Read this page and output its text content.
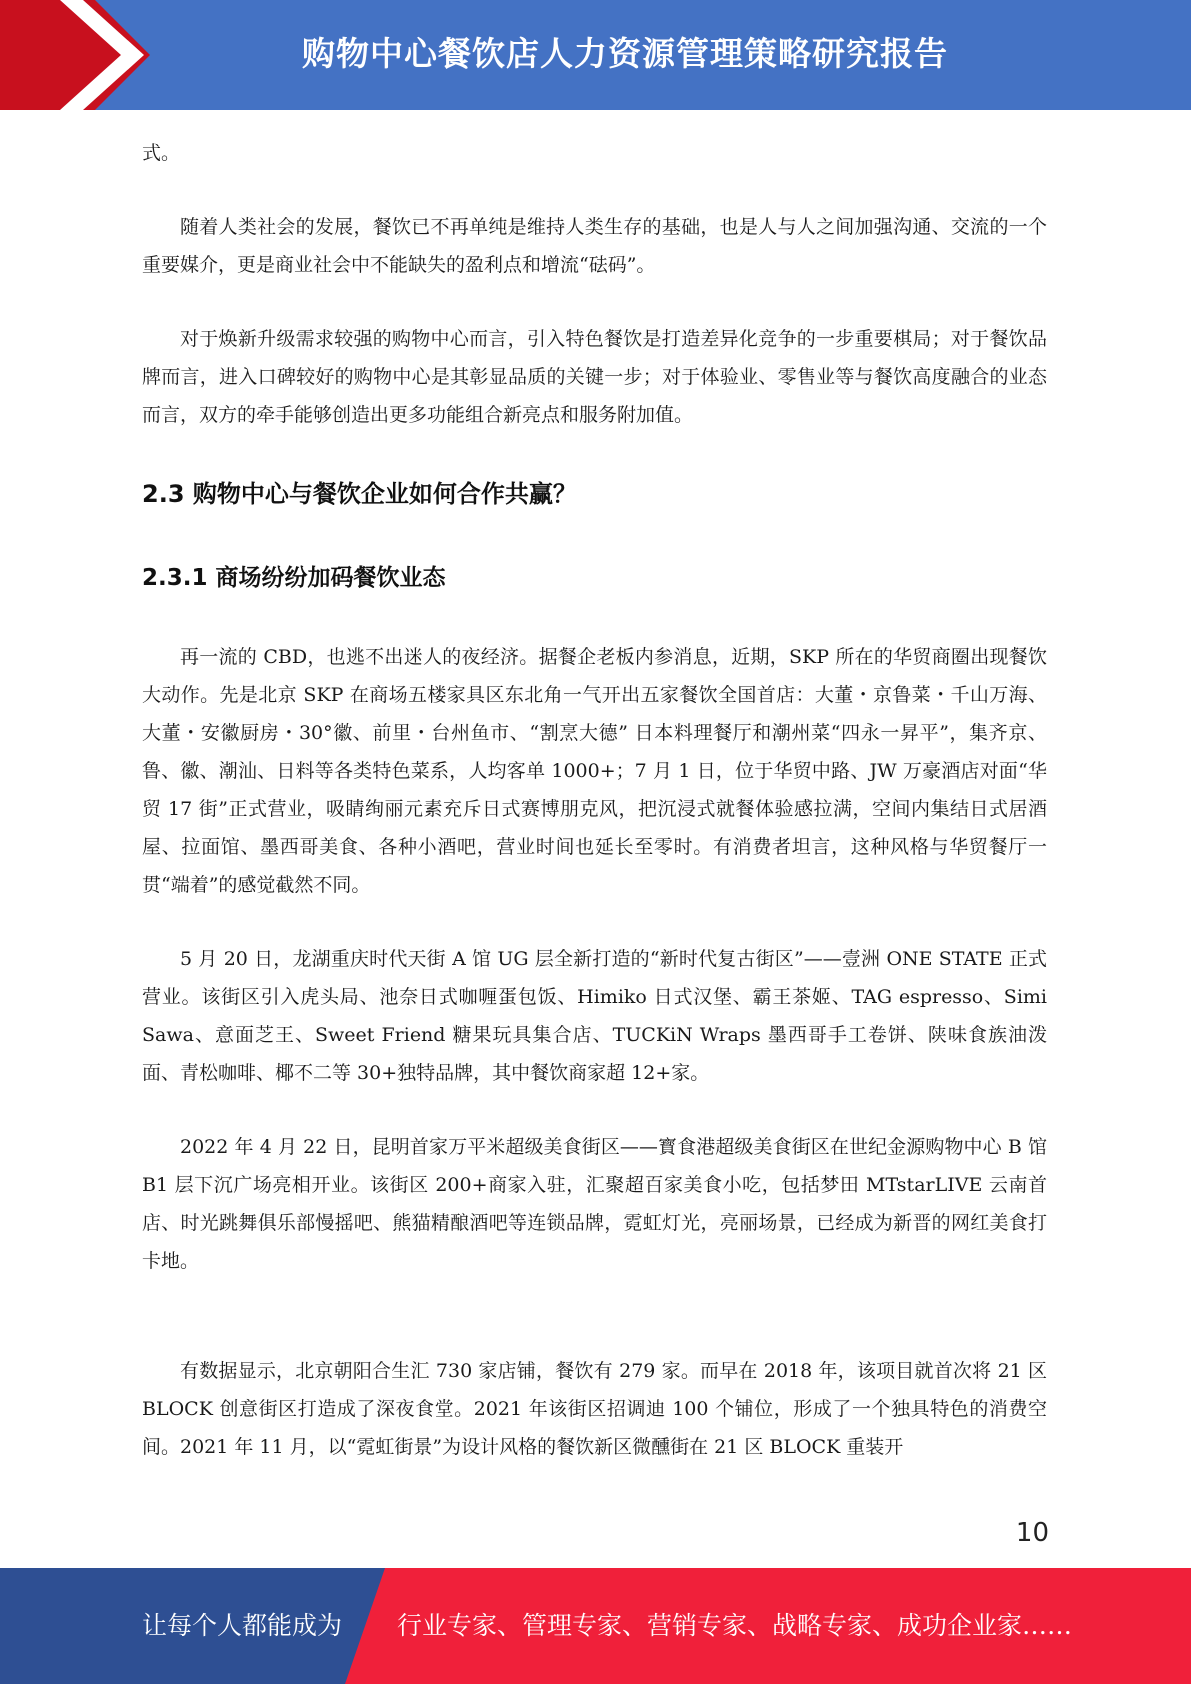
购物中心餐饮店人力资源管理策略研究报告

式。

随着人类社会的发展，餐饮已不再单纯是维持人类生存的基础，也是人与人之间加强沟通、交流的一个重要媒介，更是商业社会中不能缺失的盈利点和增流“砝码”。

对于焕新升级需求较强的购物中心而言，引入特色餐饮是打造差异化竞争的一步重要棋局；对于餐饮品牌而言，进入口碑较好的购物中心是其彰显品质的关键一步；对于体验业、零售业等与餐饮高度融合的业态而言，双方的牵手能够创造出更多功能组合新亮点和服务附加值。

2.3 购物中心与餐饮企业如何合作共赢？
2.3.1 商场纷纷加码餐饮业态

再一流的 CBD，也逃不出迷人的夜经济。据餐企老板内参消息，近期，SKP 所在的华贸商圈出现餐饮大动作。先是北京 SKP 在商场五楼家具区东北角一气开出五家餐饮全国首店：大董・京鲁菜・千山万海、大董・安徽厨房・30°徽、前里・台州鱼市、“割烹大德” 日本料理餐厅和潮州菜“四永一昇平”，集齐京、鲁、徽、潮汕、日料等各类特色菜系，人均客单 1000+；7 月 1 日，位于华贸中路、JW 万豪酒店对面“华贸 17 街”正式营业，吸睛绚丽元素充斥日式赛博朋克风，把沉浸式就餐体验感拉满，空间内集结日式居酒屋、拉面馆、墨西哥美食、各种小酒吧，营业时间也延长至零时。有消费者坦言，这种风格与华贸餐厅一贯“端着”的感觉截然不同。

5 月 20 日，龙湖重庆时代天街 A 馆 UG 层全新打造的“新时代复古街区”——壹洲 ONE STATE 正式营业。该街区引入虎头局、池奈日式咖喱蛋包饭、Himiko 日式汉堡、霸王茶姬、TAG espresso、Simi Sawa、意面芝王、Sweet Friend 糖果玩具集合店、TUCKiN Wraps 墨西哥手工卷饼、陕味食族油泼面、青松咖啡、椰不二等 30+独特品牌，其中餐饮商家超 12+家。

2022 年 4 月 22 日，昆明首家万平米超级美食街区——寳食港超级美食街区在世纪金源购物中心 B 馆 B1 层下沉广场亮相开业。该街区 200+商家入驻，汇聚超百家美食小吃，包括梦田 MTstarLIVE 云南首店、时光跳舞俱乐部慢摇吧、熊猫精酿酒吧等连锁品牌，霓虹灯光，亮丽场景，已经成为新晋的网红美食打卡地。

有数据显示，北京朝阳合生汇 730 家店铺，餐饮有 279 家。而早在 2018 年，该项目就首次将 21 区 BLOCK 创意街区打造成了深夜食堂。2021 年该街区招调迪 100 个铺位，形成了一个独具特色的消费空间。2021 年 11 月，以“霓虹街景”为设计风格的餐饮新区微醺街在 21 区 BLOCK 重装开

10
让每个人都能成为 行业专家、管理专家、营销专家、战略专家、成功企业家……
